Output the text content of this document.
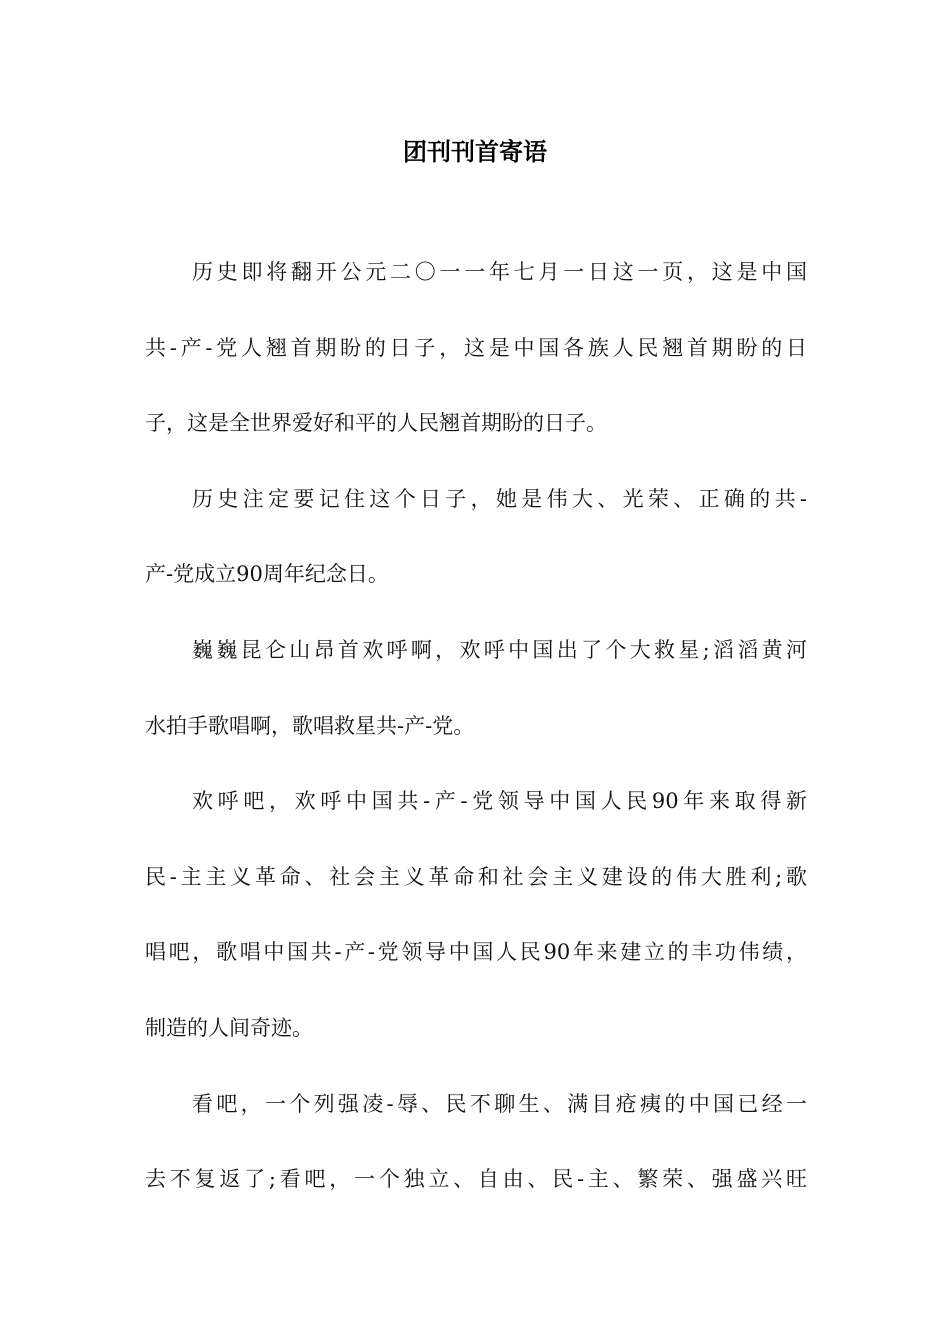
团刊刊首寄语
历史即将翻开公元二〇一一年七月一日这一页，这是中国
共-产-党人翘首期盼的日子，这是中国各族人民翘首期盼的日
子，这是全世界爱好和平的人民翘首期盼的日子。
历史注定要记住这个日子，她是伟大、光荣、正确的共-
产-党成立90周年纪念日。
巍巍昆仑山昂首欢呼啊，欢呼中国出了个大救星;滔滔黄河
水拍手歌唱啊，歌唱救星共-产-党。
欢呼吧，欢呼中国共-产-党领导中国人民90年来取得新
民-主主义革命、社会主义革命和社会主义建设的伟大胜利;歌
唱吧，歌唱中国共-产-党领导中国人民90年来建立的丰功伟绩，
制造的人间奇迹。
看吧，一个列强凌-辱、民不聊生、满目疮痍的中国已经一
去不复返了;看吧，一个独立、自由、民-主、繁荣、强盛兴旺
